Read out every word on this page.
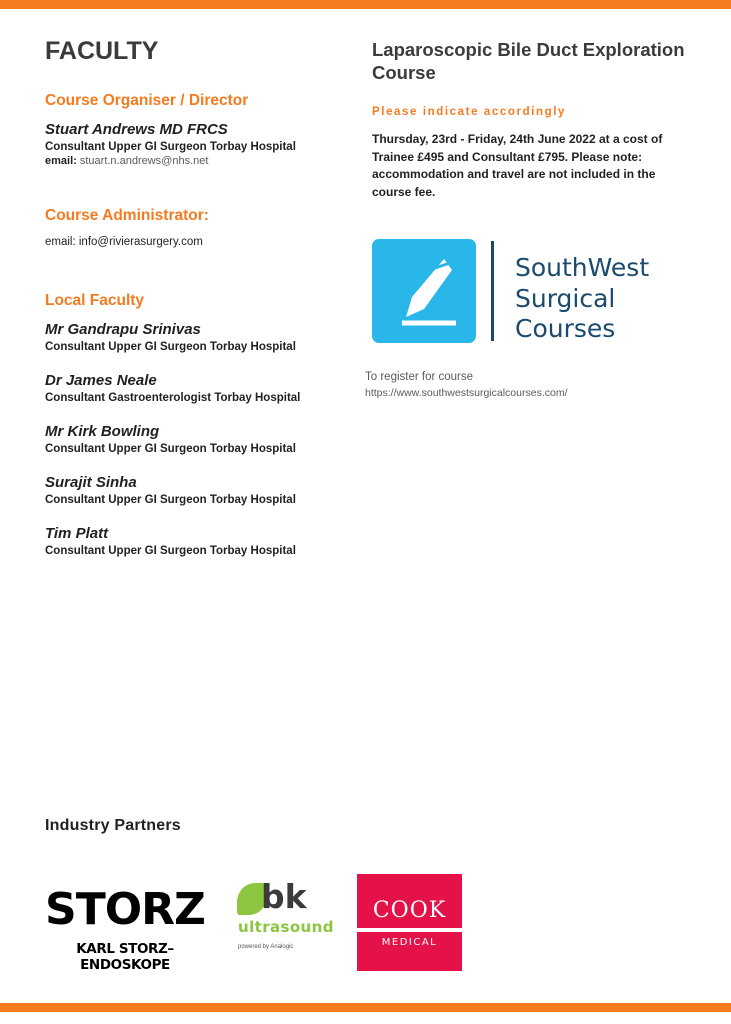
FACULTY
Course Organiser / Director
Stuart Andrews MD FRCS
Consultant Upper GI Surgeon Torbay Hospital
email: stuart.n.andrews@nhs.net
Course Administrator:
email: info@rivierasurgery.com
Local Faculty
Mr Gandrapu Srinivas
Consultant Upper GI Surgeon Torbay Hospital
Dr James Neale
Consultant Gastroenterologist Torbay Hospital
Mr Kirk Bowling
Consultant Upper GI Surgeon Torbay Hospital
Surajit Sinha
Consultant Upper GI Surgeon Torbay Hospital
Tim Platt
Consultant Upper GI Surgeon Torbay Hospital
Laparoscopic Bile Duct Exploration Course
Please indicate accordingly

Thursday, 23rd - Friday, 24th June 2022 at a cost of Trainee £495 and Consultant £795. Please note: accommodation and travel are not included in the course fee.

SouthWest
Surgical
Courses
To register for course
https://www.southwestsurgicalcourses.com/
Industry Partners
STORZ
KARL STORZ–ENDOSKOPE
bk
ultrasound
powered by Analogic
COOK
MEDICAL
